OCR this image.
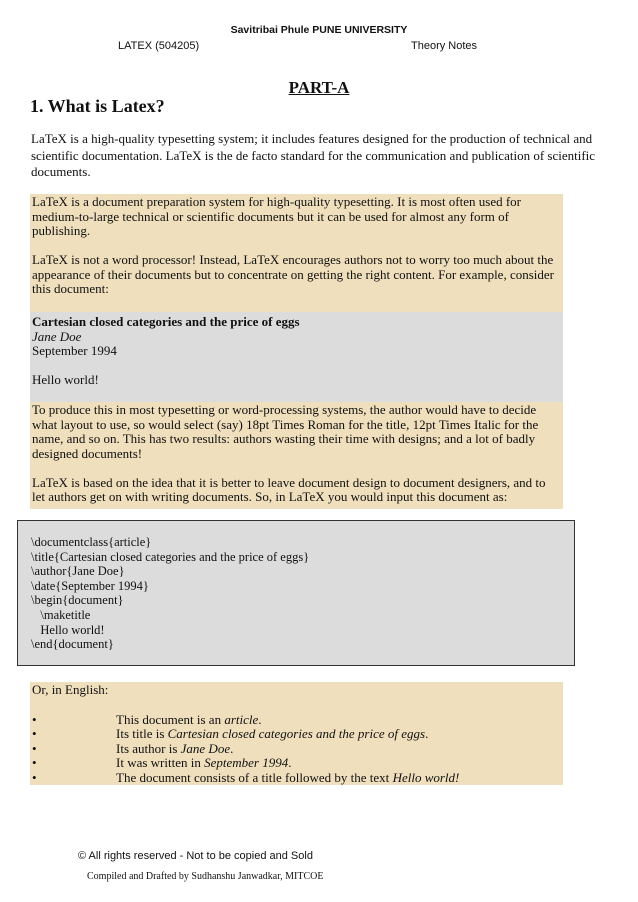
Savitribai Phule PUNE UNIVERSITY
LATEX (504205)	Theory Notes
PART-A
1. What is Latex?
LaTeX is a high-quality typesetting system; it includes features designed for the production of technical and scientific documentation. LaTeX is the de facto standard for the communication and publication of scientific documents.

LaTeX is a document preparation system for high-quality typesetting. It is most often used for medium-to-large technical or scientific documents but it can be used for almost any form of publishing.

LaTeX is not a word processor! Instead, LaTeX encourages authors not to worry too much about the appearance of their documents but to concentrate on getting the right content. For example, consider this document:

Cartesian closed categories and the price of eggs

Jane Doe

September 1994

Hello world!

To produce this in most typesetting or word-processing systems, the author would have to decide what layout to use, so would select (say) 18pt Times Roman for the title, 12pt Times Italic for the name, and so on. This has two results: authors wasting their time with designs; and a lot of badly designed documents!

LaTeX is based on the idea that it is better to leave document design to document designers, and to let authors get on with writing documents. So, in LaTeX you would input this document as:

\documentclass{article}
\title{Cartesian closed categories and the price of eggs}
\author{Jane Doe}
\date{September 1994}
\begin{document}
\maketitle
Hello world!
\end{document}

Or, in English:

•	This document is an article.
•	Its title is Cartesian closed categories and the price of eggs.
•	Its author is Jane Doe.
•	It was written in September 1994.
•	The document consists of a title followed by the text Hello world!
© All rights reserved - Not to be copied and Sold
Compiled and Drafted by Sudhanshu Janwadkar, MITCOE
